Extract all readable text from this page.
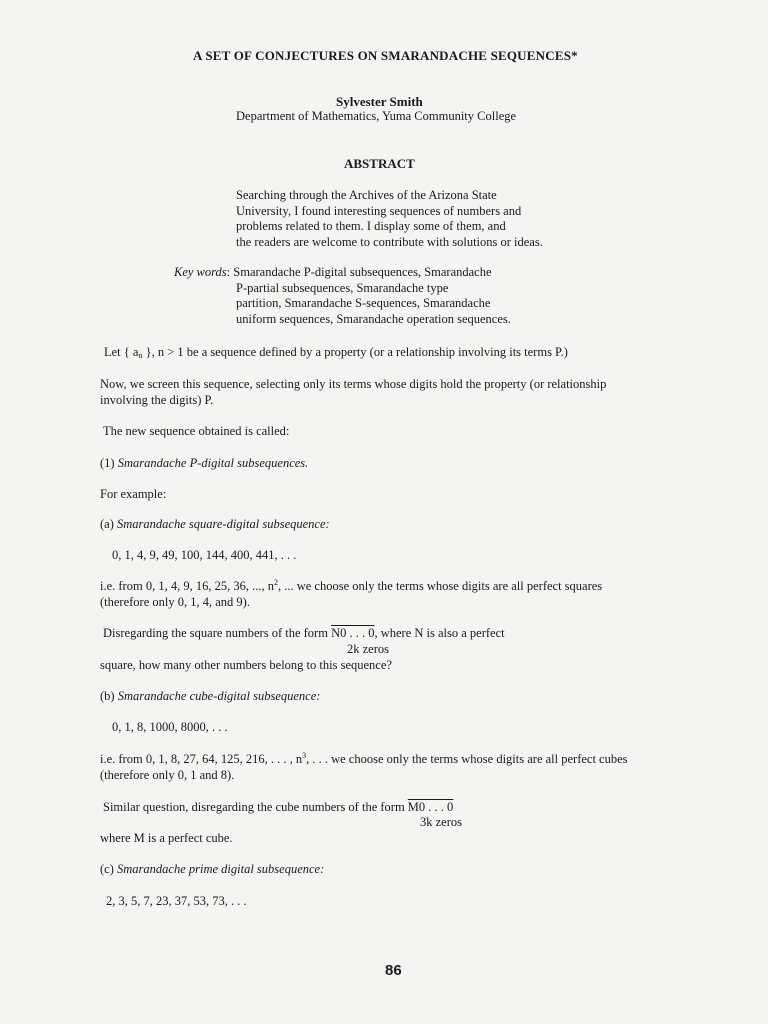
A SET OF CONJECTURES ON SMARANDACHE SEQUENCES*
Sylvester Smith
Department of Mathematics, Yuma Community College
ABSTRACT
Searching through the Archives of the Arizona State
University, I found interesting sequences of numbers and
problems related to them. I display some of them, and
the readers are welcome to contribute with solutions or ideas.
Key words: Smarandache P-digital subsequences, Smarandache
P-partial subsequences, Smarandache type
partition, Smarandache S-sequences, Smarandache
uniform sequences, Smarandache operation sequences.
Let { $a_n$ }, n > 1 be a sequence defined by a property (or a relationship involving its terms P.)
Now, we screen this sequence, selecting only its terms whose digits hold the property (or relationship
involving the digits) P.
The new sequence obtained is called:
(1) Smarandache P-digital subsequences.
For example:
(a) Smarandache square-digital subsequence:
0, 1, 4, 9, 49, 100, 144, 400, 441, . . .
i.e. from 0, 1, 4, 9, 16, 25, 36, ..., $n^2$, ... we choose only the terms whose digits are all perfect squares
(therefore only 0, 1, 4, and 9).
Disregarding the square numbers of the form N0 . . . 0, where N is also a perfect
2k zeros
square, how many other numbers belong to this sequence?
(b) Smarandache cube-digital subsequence:
0, 1, 8, 1000, 8000, . . .
i.e. from 0, 1, 8, 27, 64, 125, 216, . . . , $n^3$, . . . we choose only the terms whose digits are all perfect cubes
(therefore only 0, 1 and 8).
Similar question, disregarding the cube numbers of the form M0 . . . 0
3k zeros
where M is a perfect cube.
(c) Smarandache prime digital subsequence:
2, 3, 5, 7, 23, 37, 53, 73, . . .
86
